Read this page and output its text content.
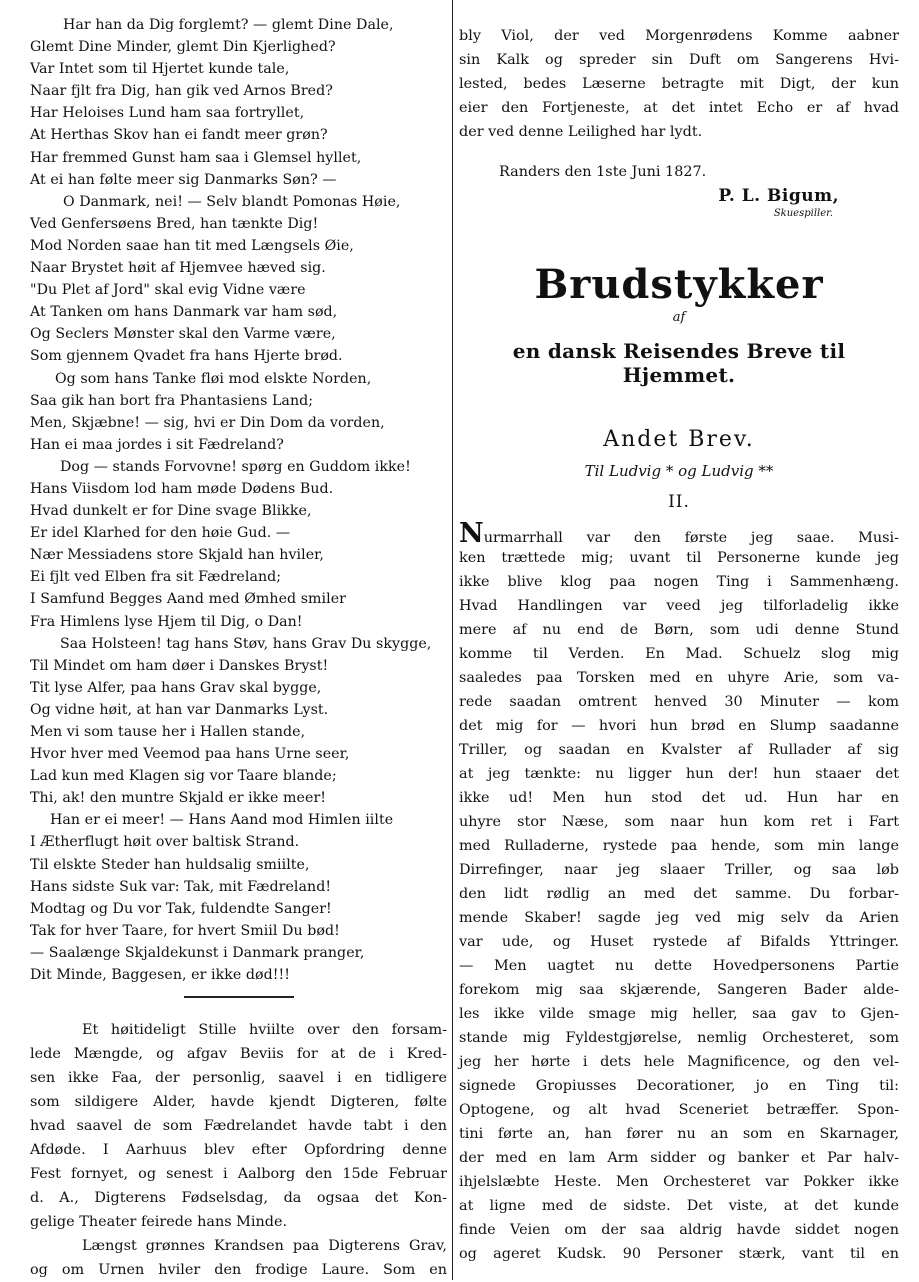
Har han da Dig forglemt? — glemt Dine Dale,
Glemt Dine Minder, glemt Din Kjerlighed?
Var Intet som til Hjertet kunde tale,
Naar fjlt fra Dig, han gik ved Arnos Bred?
Har Heloises Lund ham saa fortryllet,
At Herthas Skov han ei fandt meer grøn?
Har fremmed Gunst ham saa i Glemsel hyllet,
At ei han følte meer sig Danmarks Søn? —
O Danmark, nei! — Selv blandt Pomonas Høie,
Ved Genfersøens Bred, han tænkte Dig!
Mod Norden saae han tit med Længsels Øie,
Naar Brystet høit af Hjemvee hæved sig.
"Du Plet af Jord" skal evig Vidne være
At Tanken om hans Danmark var ham sød,
Og Seclers Mønster skal den Varme være,
Som gjennem Qvadet fra hans Hjerte brød.
Og som hans Tanke fløi mod elskte Norden,
Saa gik han bort fra Phantasiens Land;
Men, Skjæbne! — sig, hvi er Din Dom da vorden,
Han ei maa jordes i sit Fædreland?
Dog — stands Forvovne! spørg en Guddom ikke!
Hans Viisdom lod ham møde Dødens Bud.
Hvad dunkelt er for Dine svage Blikke,
Er idel Klarhed for den høie Gud. —
Nær Messiadens store Skjald han hviler,
Ei fjlt ved Elben fra sit Fædreland;
I Samfund Begges Aand med Ømhed smiler
Fra Himlens lyse Hjem til Dig, o Dan!
Saa Holsteen! tag hans Støv, hans Grav Du skygge,
Til Mindet om ham døer i Danskes Bryst!
Tit lyse Alfer, paa hans Grav skal bygge,
Og vidne høit, at han var Danmarks Lyst.
Men vi som tause her i Hallen stande,
Hvor hver med Veemod paa hans Urne seer,
Lad kun med Klagen sig vor Taare blande;
Thi, ak! den muntre Skjald er ikke meer!
Han er ei meer! — Hans Aand mod Himlen iilte
I Ætherflugt høit over baltisk Strand.
Til elskte Steder han huldsalig smiilte,
Hans sidste Suk var: Tak, mit Fædreland!
Modtag og Du vor Tak, fuldendte Sanger!
Tak for hver Taare, for hvert Smiil Du bød!
— Saalænge Skjaldekunst i Danmark pranger,
Dit Minde, Baggesen, er ikke død!!!
Et høitideligt Stille hviilte over den forsam-
lede Mængde, og afgav Beviis for at de i Kred-
sen ikke Faa, der personlig, saavel i en tidligere
som sildigere Alder, havde kjendt Digteren, følte
hvad saavel de som Fædrelandet havde tabt i den
Afdøde. I Aarhuus blev efter Opfordring denne
Fest fornyet, og senest i Aalborg den 15de Februar
d. A., Digterens Fødselsdag, da ogsaa det Kon-
gelige Theater feirede hans Minde.
Længst grønnes Krandsen paa Digterens Grav,
og om Urnen hviler den frodige Laure. Som en
bly Viol, der ved Morgenrødens Komme aabner
sin Kalk og spreder sin Duft om Sangerens Hvi-
lested, bedes Læserne betragte mit Digt, der kun
eier den Fortjeneste, at det intet Echo er af hvad
der ved denne Leilighed har lydt.
Randers den 1ste Juni 1827.
P. L. Bigum,
Skuespiller.
Brudstykker
af
en dansk Reisendes Breve til Hjemmet.
Andet Brev.
Til Ludvig * og Ludvig **
II.
Nurmarrhall var den første jeg saae. Musi-
ken trættede mig; uvant til Personerne kunde jeg
ikke blive klog paa nogen Ting i Sammenhæng.
Hvad Handlingen var veed jeg tilforladelig ikke
mere af nu end de Børn, som udi denne Stund
komme til Verden. En Mad. Schuelz slog mig
saaledes paa Torsken med en uhyre Arie, som va-
rede saadan omtrent henved 30 Minuter — kom
det mig for — hvori hun brød en Slump saadanne
Triller, og saadan en Kvalster af Rullader af sig
at jeg tænkte: nu ligger hun der! hun staaer det
ikke ud! Men hun stod det ud. Hun har en
uhyre stor Næse, som naar hun kom ret i Fart
med Rulladerne, rystede paa hende, som min lange
Dirrefinger, naar jeg slaaer Triller, og saa løb
den lidt rødlig an med det samme. Du forbar-
mende Skaber! sagde jeg ved mig selv da Arien
var ude, og Huset rystede af Bifalds Yttringer.
— Men uagtet nu dette Hovedpersonens Partie
forekom mig saa skjærende, Sangeren Bader alde-
les ikke vilde smage mig heller, saa gav to Gjen-
stande mig Fyldestgjørelse, nemlig Orchesteret, som
jeg her hørte i dets hele Magnificence, og den vel-
signede Gropiusses Decorationer, jo en Ting til:
Optogene, og alt hvad Sceneriet betræffer. Spon-
tini førte an, han fører nu an som en Skarnager,
der med en lam Arm sidder og banker et Par halv-
ihjelslæbte Heste. Men Orchesteret var Pokker ikke
at ligne med de sidste. Det viste, at det kunde
finde Veien om der saa aldrig havde siddet nogen
og ageret Kudsk. 90 Personer stærk, vant til en
